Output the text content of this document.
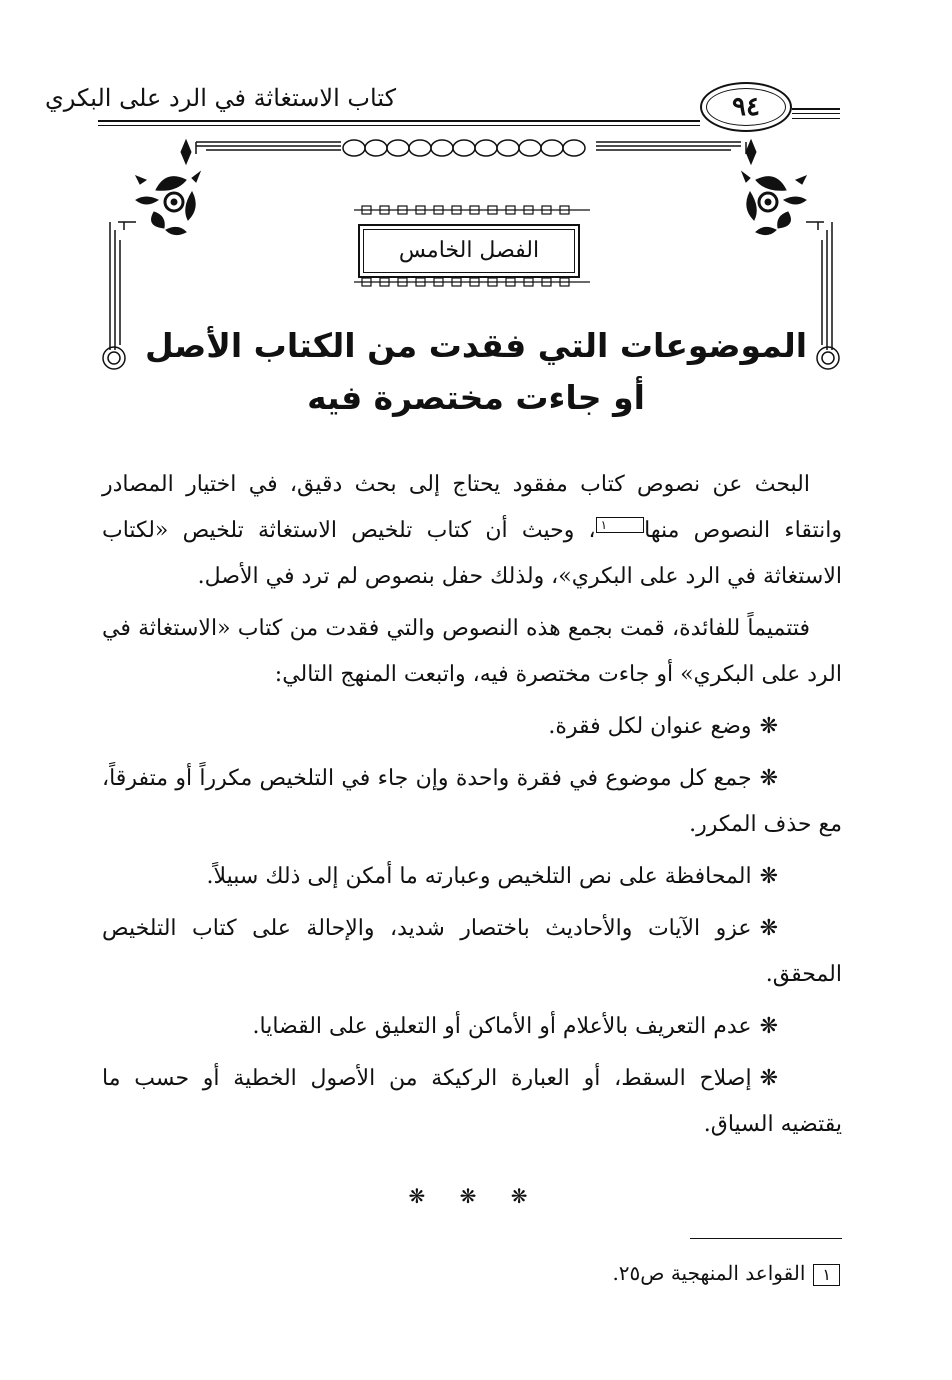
كتاب الاستغاثة في الرد على البكري	٩٤
الفصل الخامس
الموضوعات التي فقدت من الكتاب الأصل
أو جاءت مختصرة فيه

البحث عن نصوص كتاب مفقود يحتاج إلى بحث دقيق، في اختيار المصادر وانتقاء النصوص منها١، وحيث أن كتاب تلخيص الاستغاثة تلخيص «لكتاب الاستغاثة في الرد على البكري»، ولذلك حفل بنصوص لم ترد في الأصل.

فتتميماً للفائدة، قمت بجمع هذه النصوص والتي فقدت من كتاب «الاستغاثة في الرد على البكري» أو جاءت مختصرة فيه، واتبعت المنهج التالي:

❋وضع عنوان لكل فقرة.

❋جمع كل موضوع في فقرة واحدة وإن جاء في التلخيص مكرراً أو متفرقاً، مع حذف المكرر.

❋المحافظة على نص التلخيص وعبارته ما أمكن إلى ذلك سبيلاً.

❋عزو الآيات والأحاديث باختصار شديد، والإحالة على كتاب التلخيص المحقق.

❋عدم التعريف بالأعلام أو الأماكن أو التعليق على القضايا.

❋إصلاح السقط، أو العبارة الركيكة من الأصول الخطية أو حسب ما يقتضيه السياق.

❋ ❋ ❋
١القواعد المنهجية ص٢٥.
